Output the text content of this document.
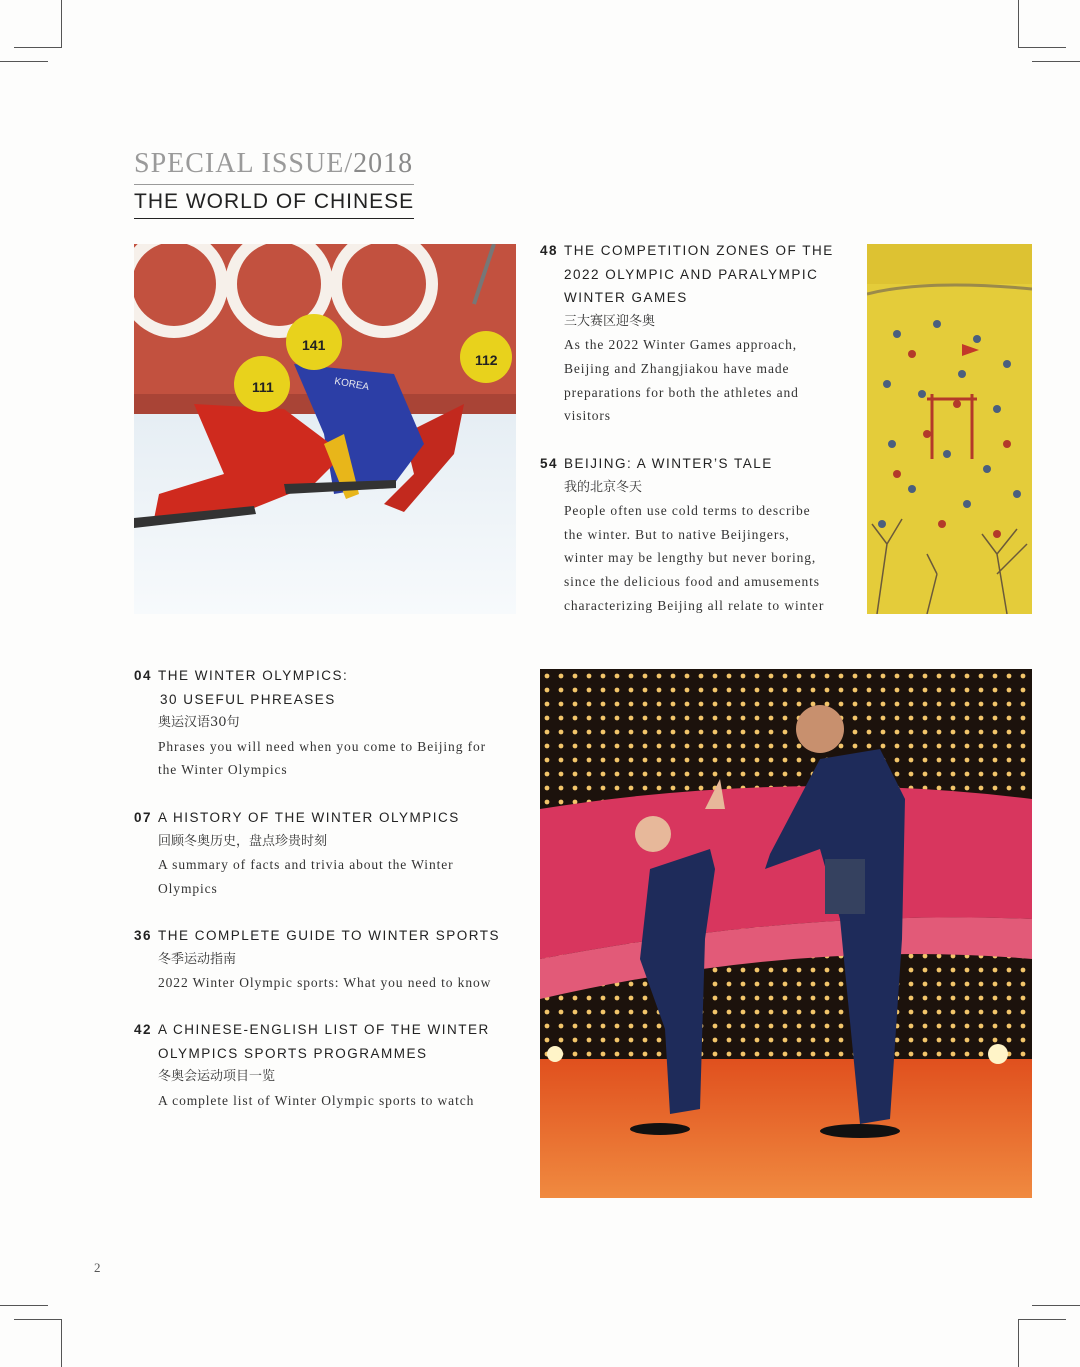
SPECIAL ISSUE/2018
THE WORLD OF CHINESE
112
KOREA
141
111
48 THE COMPETITION ZONES OF THE
2022 OLYMPIC AND PARALYMPIC
WINTER GAMES
三大赛区迎冬奥
As the 2022 Winter Games approach,
Beijing and Zhangjiakou have made
preparations for both the athletes and
visitors
54 BEIJING: A WINTER’S TALE
我的北京冬天
People often use cold terms to describe
the winter. But to native Beijingers,
winter may be lengthy but never boring,
since the delicious food and amusements
characterizing Beijing all relate to winter
04 THE WINTER OLYMPICS:
30 USEFUL PHREASES
奥运汉语30句
Phrases you will need when you come to Beijing for
the Winter Olympics
07 A HISTORY OF THE WINTER OLYMPICS
回顾冬奥历史，盘点珍贵时刻
A summary of facts and trivia about the Winter
Olympics
36 THE COMPLETE GUIDE TO WINTER SPORTS
冬季运动指南
2022 Winter Olympic sports: What you need to know
42 A CHINESE-ENGLISH LIST OF THE WINTER
OLYMPICS SPORTS PROGRAMMES
冬奥会运动项目一览
A complete list of Winter Olympic sports to watch
2
